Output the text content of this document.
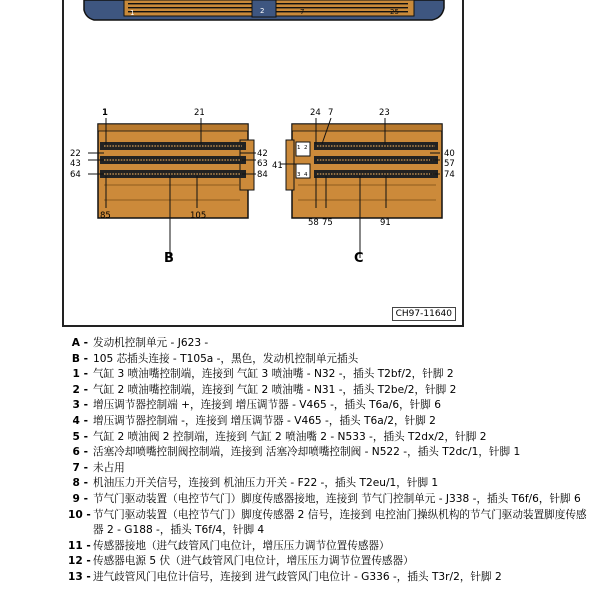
1	2	7	25
1	21
22
43
64
42
63
84
85	105
B
24 7	23
41
1 2
3 4
40
57
74
58 75	91
C
CH97-11640
A - 发动机控制单元 - J623 -
B - 105 芯插头连接 - T105a -，黑色，发动机控制单元插头
1 - 气缸 3 喷油嘴控制端，连接到 气缸 3 喷油嘴 - N32 -，插头 T2bf/2，针脚 2
2 - 气缸 2 喷油嘴控制端，连接到 气缸 2 喷油嘴 - N31 -，插头 T2be/2，针脚 2
3 - 增压调节器控制端 +，连接到 增压调节器 - V465 -，插头 T6a/6，针脚 6
4 - 增压调节器控制端 -，连接到 增压调节器 - V465 -，插头 T6a/2，针脚 2
5 - 气缸 2 喷油阀 2 控制端，连接到 气缸 2 喷油嘴 2 - N533 -，插头 T2dx/2，针脚 2
6 - 活塞冷却喷嘴控制阀控制端，连接到 活塞冷却喷嘴控制阀 - N522 -，插头 T2dc/1，针脚 1
7 - 未占用
8 - 机油压力开关信号，连接到 机油压力开关 - F22 -，插头 T2eu/1，针脚 1
9 - 节气门驱动装置（电控节气门）脚度传感器接地，连接到 节气门控制单元 - J338 -，插头 T6f/6，针脚 6
10 - 节气门驱动装置（电控节气门）脚度传感器 2 信号，连接到 电控油门操纵机构的节气门驱动装置脚度传感器 2 - G188 -，插头 T6f/4，针脚 4
11 - 传感器接地（进气歧管风门电位计，增压压力调节位置传感器）
12 - 传感器电源 5 伏（进气歧管风门电位计，增压压力调节位置传感器）
13 - 进气歧管风门电位计信号，连接到 进气歧管风门电位计 - G336 -，插头 T3r/2，针脚 2
